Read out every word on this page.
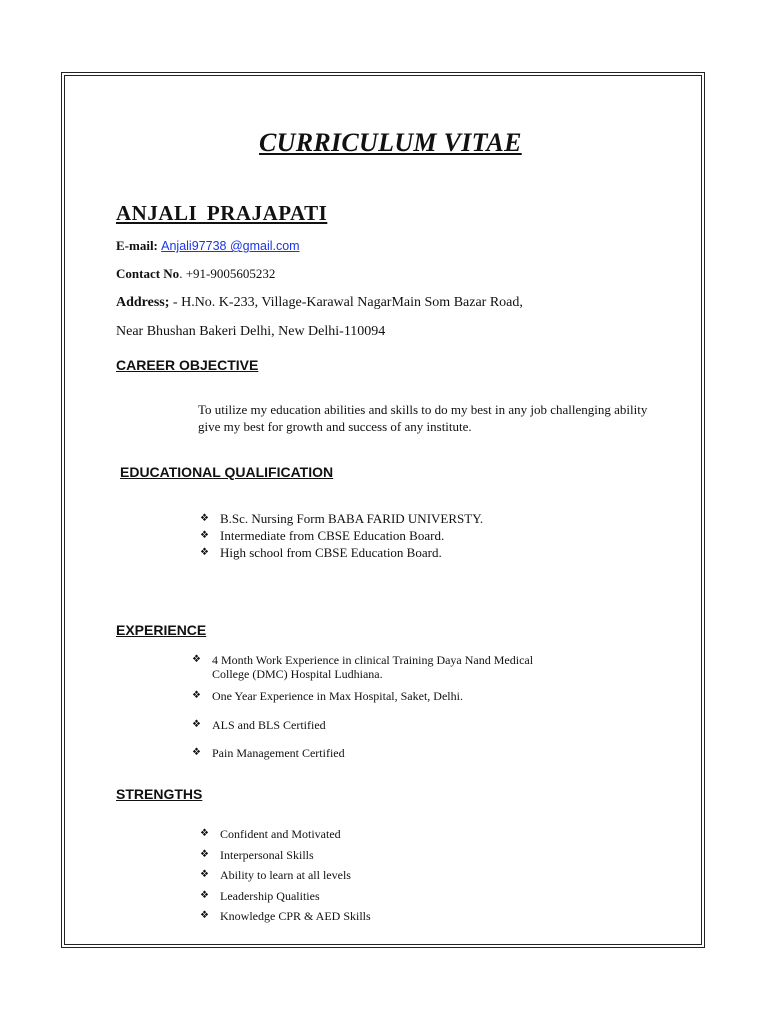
CURRICULUM VITAE
ANJALI PRAJAPATI
E-mail: Anjali97738 @gmail.com
Contact No. +91-9005605232
Address; - H.No. K-233, Village-Karawal NagarMain Som Bazar Road,
Near Bhushan Bakeri Delhi, New Delhi-110094
CAREER OBJECTIVE
To utilize my education abilities and skills to do my best in any job challenging ability give my best for growth and success of any institute.
EDUCATIONAL QUALIFICATION
❖ B.Sc. Nursing Form BABA FARID UNIVERSTY.
❖ Intermediate from CBSE Education Board.
❖ High school from CBSE Education Board.
EXPERIENCE
❖ 4 Month Work Experience in clinical Training Daya Nand Medical College (DMC) Hospital Ludhiana.
❖ One Year Experience in Max Hospital, Saket, Delhi.
❖ ALS and BLS Certified
❖ Pain Management Certified
STRENGTHS
❖ Confident and Motivated
❖ Interpersonal Skills
❖ Ability to learn at all levels
❖ Leadership Qualities
❖ Knowledge CPR & AED Skills
